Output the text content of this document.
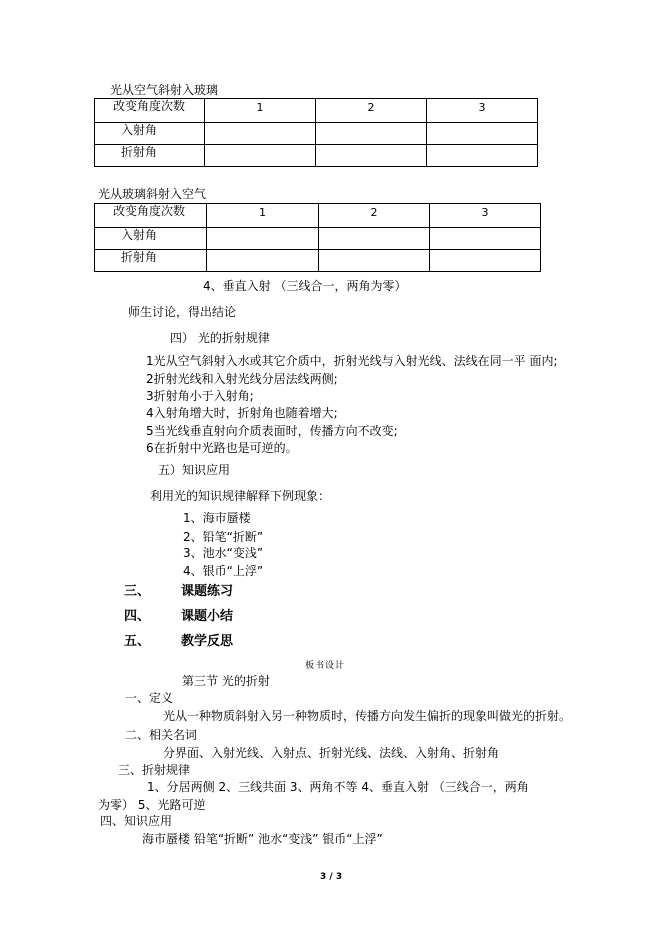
光从空气斜射入玻璃
改变角度次数	1	2	3
入射角			
折射角			
光从玻璃斜射入空气
改变角度次数	1	2	3
入射角			
折射角			
4、垂直入射 （三线合一，两角为零）
师生讨论，得出结论
四） 光的折射规律
1光从空气斜射入水或其它介质中，折射光线与入射光线、法线在同一平 面内;
2折射光线和入射光线分居法线两侧;
3折射角小于入射角;
4入射角增大时，折射角也随着增大;
5当光线垂直射向介质表面时，传播方向不改变;
6在折射中光路也是可逆的。
五）知识应用
利用光的知识规律解释下例现象：
1、海市蜃楼
2、铅笔“折断”
3、池水“变浅”
4、银币“上浮”
三、 课题练习
四、 课题小结
五、 教学反思
板书设计
第三节 光的折射
一、定义
光从一种物质斜射入另一种物质时，传播方向发生偏折的现象叫做光的折射。
二、相关名词
分界面、入射光线、入射点、折射光线、法线、入射角、折射角
三、折射规律
1、分居两侧 2、三线共面 3、两角不等 4、垂直入射 （三线合一，两角
为零） 5、光路可逆
四、知识应用
海市蜃楼 铅笔“折断” 池水“变浅” 银币“上浮”
3 / 3
